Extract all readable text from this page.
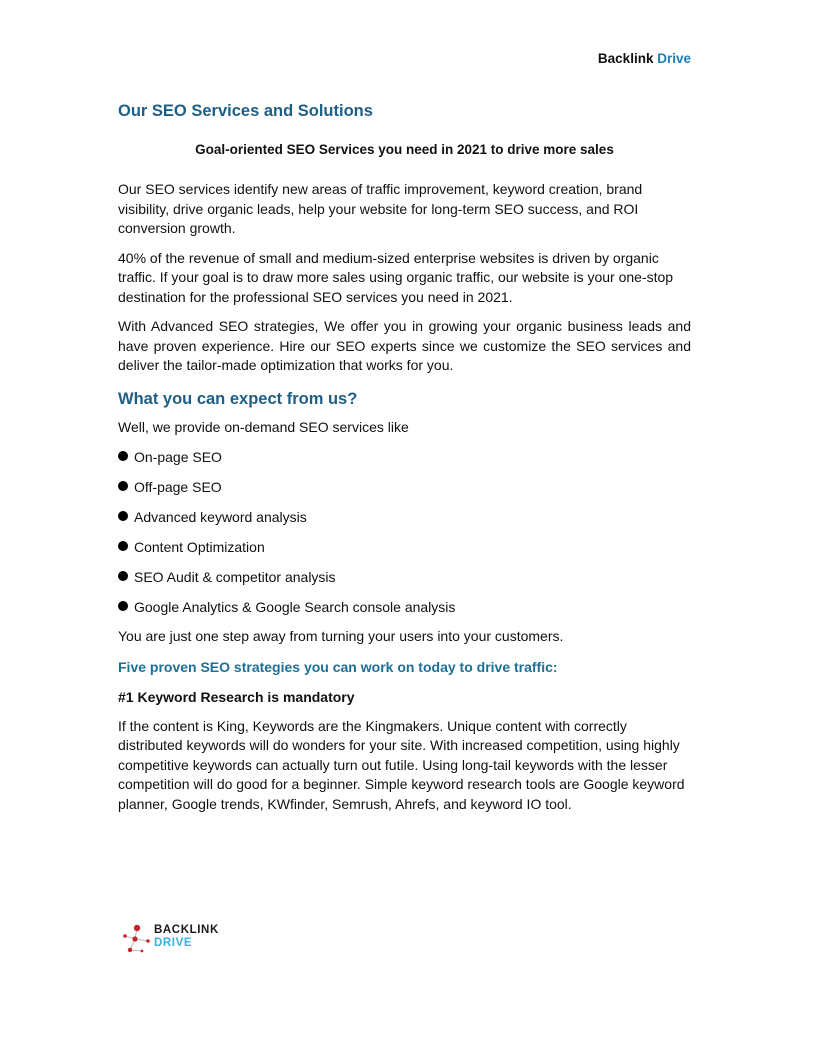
Backlink Drive
Our SEO Services and Solutions
Goal-oriented SEO Services you need in 2021 to drive more sales

Our SEO services identify new areas of traffic improvement, keyword creation, brand visibility, drive organic leads, help your website for long-term SEO success, and ROI conversion growth.

40% of the revenue of small and medium-sized enterprise websites is driven by organic traffic. If your goal is to draw more sales using organic traffic, our website is your one-stop destination for the professional SEO services you need in 2021.

With Advanced SEO strategies, We offer you in growing your organic business leads and have proven experience. Hire our SEO experts since we customize the SEO services and deliver the tailor-made optimization that works for you.

What you can expect from us?

Well, we provide on-demand SEO services like

On-page SEO
Off-page SEO
Advanced keyword analysis
Content Optimization
SEO Audit & competitor analysis
Google Analytics & Google Search console analysis

You are just one step away from turning your users into your customers.

Five proven SEO strategies you can work on today to drive traffic:
#1 Keyword Research is mandatory

If the content is King, Keywords are the Kingmakers. Unique content with correctly distributed keywords will do wonders for your site. With increased competition, using highly competitive keywords can actually turn out futile. Using long-tail keywords with the lesser competition will do good for a beginner. Simple keyword research tools are Google keyword planner, Google trends, KWfinder, Semrush, Ahrefs, and keyword IO tool.

BACKLINK
DRIVE
